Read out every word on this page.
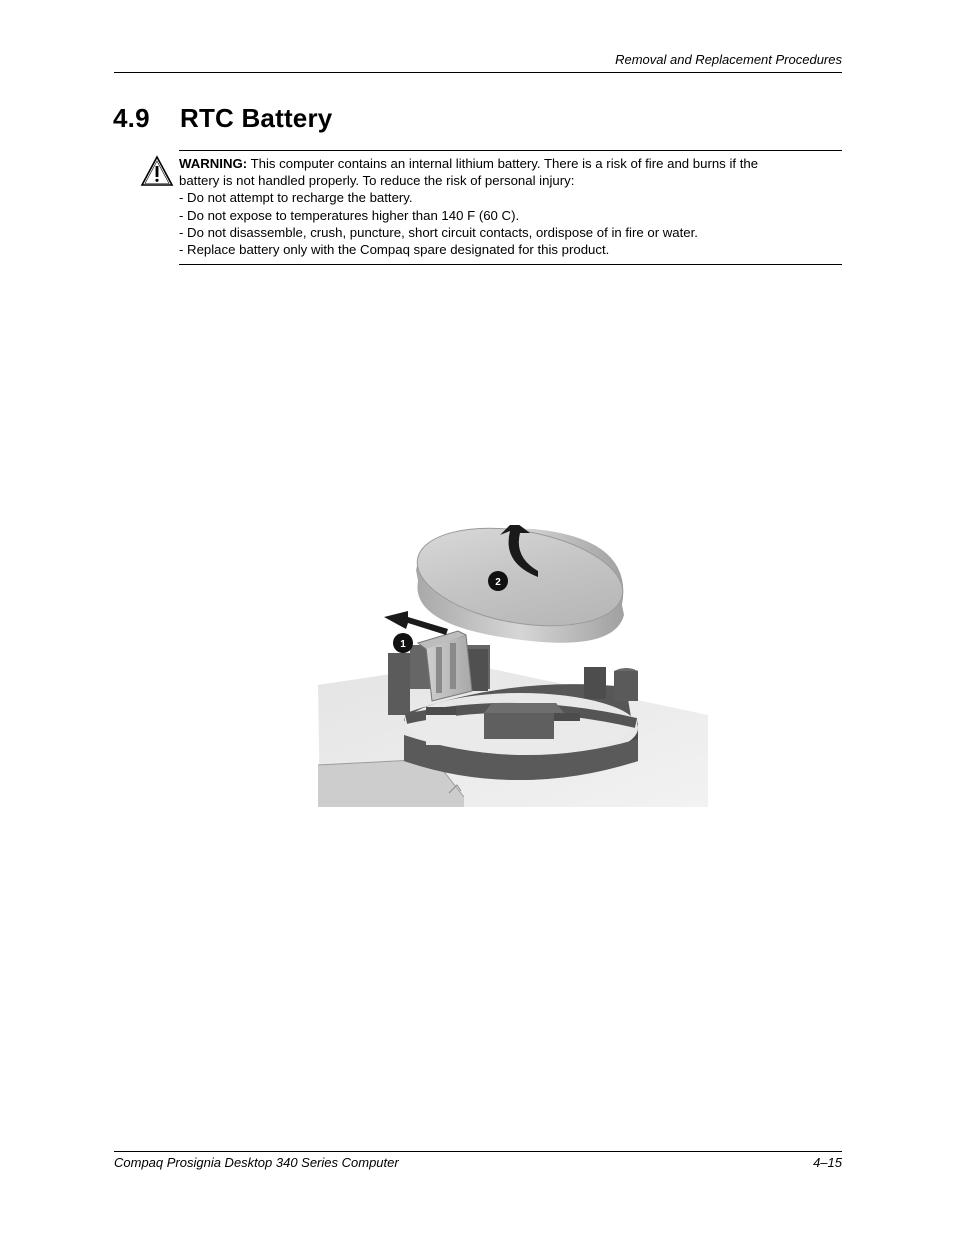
Removal and Replacement Procedures
4.9 RTC Battery

WARNING: This computer contains an internal lithium battery. There is a risk of fire and burns if the

battery is not handled properly. To reduce the risk of personal injury:

- Do not attempt to recharge the battery.

- Do not expose to temperatures higher than 140 F (60 C).

- Do not disassemble, crush, puncture, short circuit contacts, ordispose of in fire or water.

- Replace battery only with the Compaq spare designated for this product.

1
2
Compaq Prosignia Desktop 340 Series Computer	4–15
